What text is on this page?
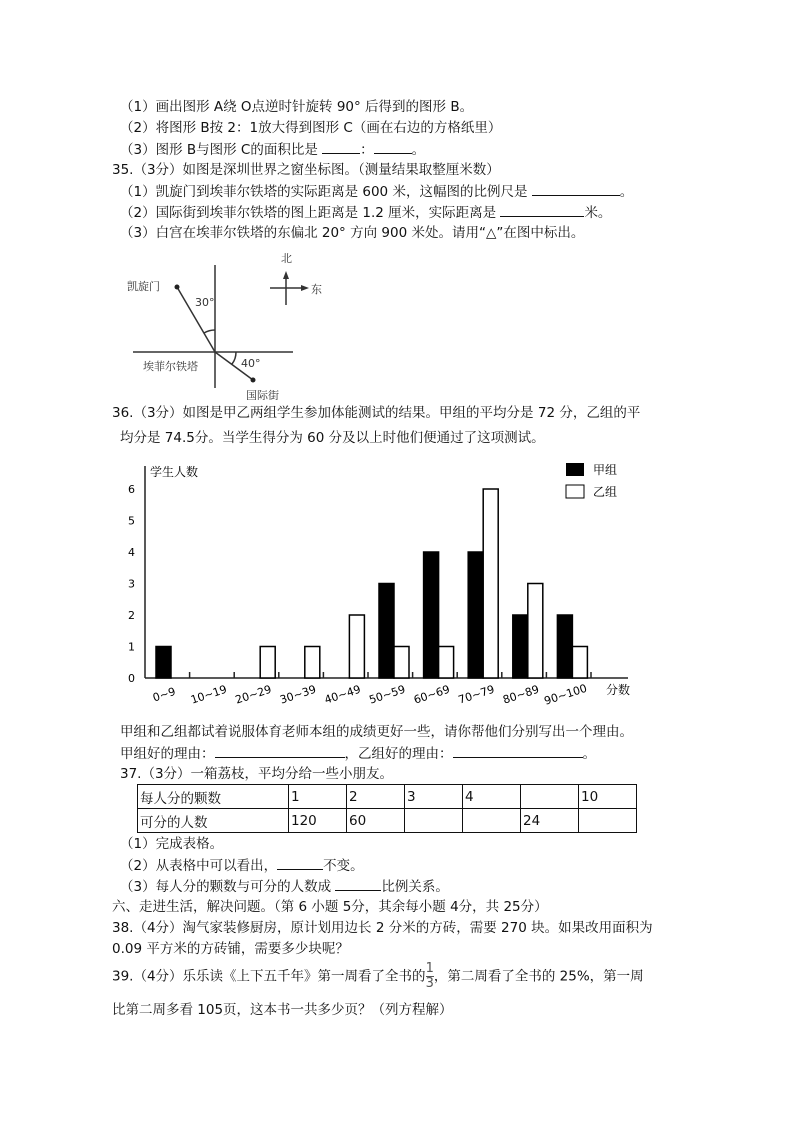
（1）画出图形 A绕 O点逆时针旋转 90° 后得到的图形 B。
（2）将图形 B按 2：1放大得到图形 C（画在右边的方格纸里）
（3）图形 B与图形 C的面积比是	：	。
35.（3分）如图是深圳世界之窗坐标图。（测量结果取整厘米数）
（1）凯旋门到埃菲尔铁塔的实际距离是 600 米，这幅图的比例尺是	。
（2）国际街到埃菲尔铁塔的图上距离是 1.2 厘米，实际距离是	米。
（3）白宫在埃菲尔铁塔的东偏北 20° 方向 900 米处。请用“△”在图中标出。
凯旋门
30°
埃菲尔铁塔	40°
国际街
北
东
36.（3分）如图是甲乙两组学生参加体能测试的结果。甲组的平均分是 72 分，乙组的平
均分是 74.5分。当学生得分为 60 分及以上时他们便通过了这项测试。
0
1
2
3
4
5
6
0~9 10~19 20~29 30~39 40~49 50~59 60~69 70~79 80~89 90~100
学生人数
分数
甲组
乙组
甲组和乙组都试着说服体育老师本组的成绩更好一些，请你帮他们分别写出一个理由。
甲组好的理由：	，乙组好的理由：	。
37.（3分）一箱荔枝，平均分给一些小朋友。
每人分的颗数	1	2	3	4		10
可分的人数	120	60			24	
（1）完成表格。
（2）从表格中可以看出，	不变。
（3）每人分的颗数与可分的人数成	比例关系。
六、走进生活，解决问题。（第 6 小题 5分，其余每小题 4分，共 25分）
38.（4分）淘气家装修厨房，原计划用边长 2 分米的方砖，需要 270 块。如果改用面积为
0.09 平方米的方砖铺，需要多少块呢？
39.（4分）乐乐读《上下五千年》第一周看了全书的 $\frac{1}{3}$ ，第二周看了全书的 25%，第一周
比第二周多看 105页，这本书一共多少页？（列方程解）
